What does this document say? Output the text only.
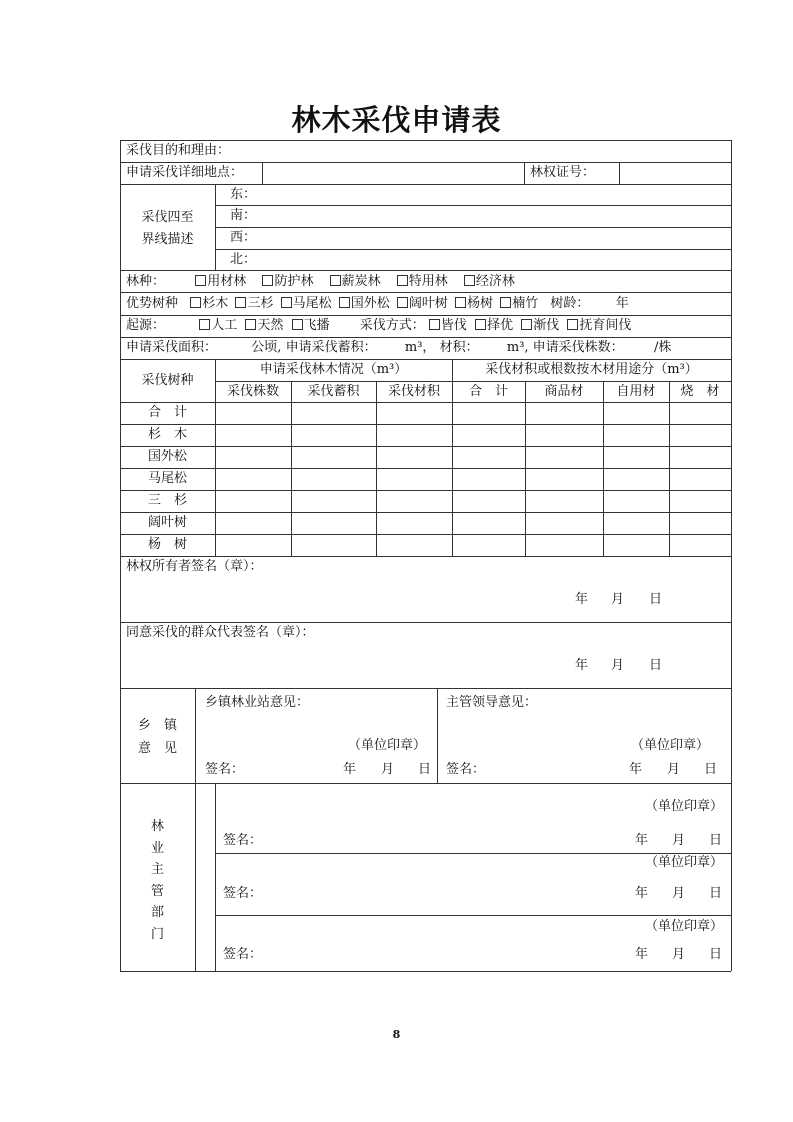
林木采伐申请表
采伐目的和理由：
申请采伐详细地点：	林权证号：
采伐四至
界线描述
东：
南：
西：
北：
林种：	用材林 防护林 薪炭林 特用林 经济林
优势树种 杉木 三杉 马尾松 国外松 阔叶树 杨树 楠竹 树龄： 年
起源：	人工 天然 飞播 采伐方式： 皆伐 择优 渐伐 抚育间伐
申请采伐面积：	公顷, 申请采伐蓄积： m³， 材积： m³, 申请采伐株数： /株
采伐树种
申请采伐林木情况（m³）	采伐材积或根数按木材用途分（m³）
采伐株数	采伐蓄积	采伐材积	合　计	商品材	自用材	烧　材
合　计
杉　木
国外松
马尾松
三　杉
阔叶树
杨　树
林权所有者签名（章）：
年 月 日
同意采伐的群众代表签名（章）：
年 月 日
乡　镇
意　见
乡镇林业站意见：
（单位印章）
签名：	年 月 日
主管领导意见：
（单位印章）
签名：	年 月 日
林
业
主
管
部
门
（单位印章）
签名：	年 月 日
（单位印章）
签名：	年 月 日
（单位印章）
签名：	年 月 日
8
